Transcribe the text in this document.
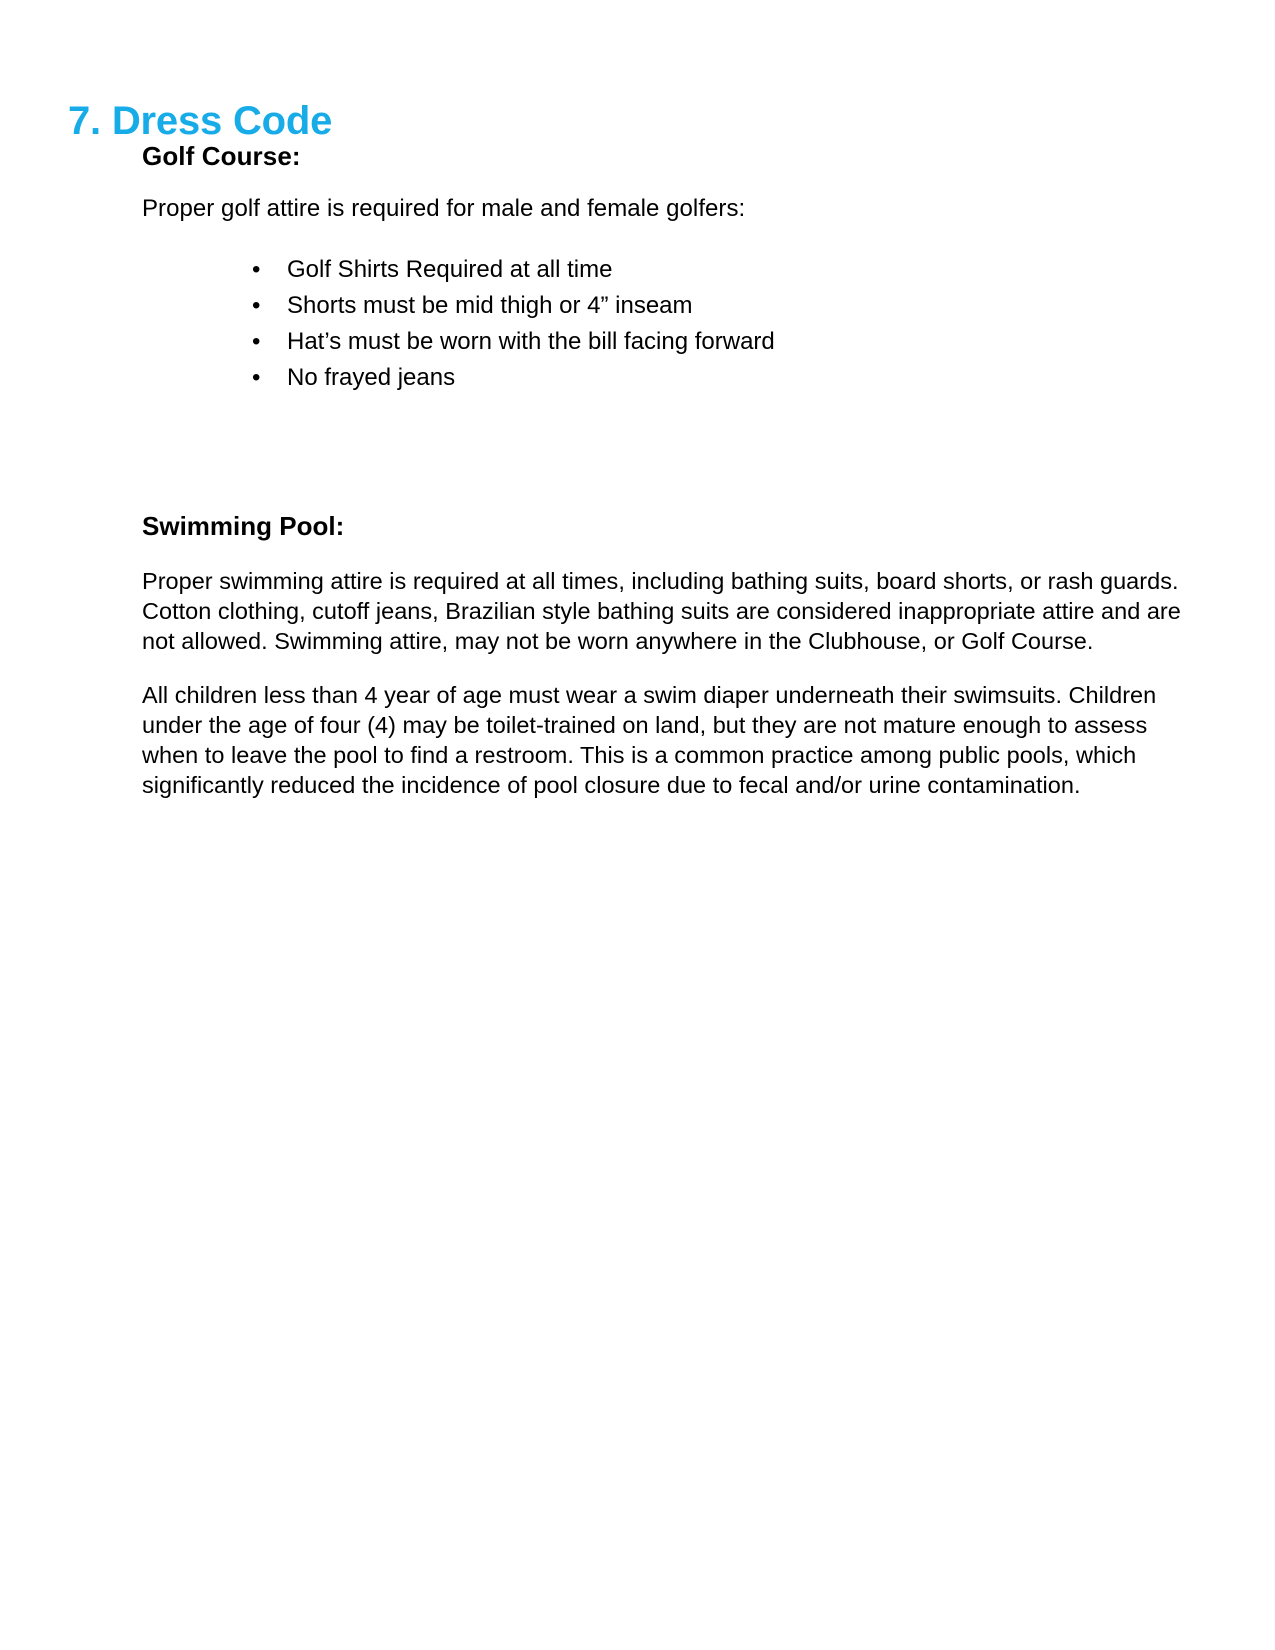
7. Dress Code
Golf Course:

Proper golf attire is required for male and female golfers:

• Golf Shirts Required at all time
• Shorts must be mid thigh or 4” inseam
• Hat’s must be worn with the bill facing forward
• No frayed jeans
Swimming Pool:

Proper swimming attire is required at all times, including bathing suits, board shorts, or rash guards. Cotton clothing, cutoff jeans, Brazilian style bathing suits are considered inappropriate attire and are not allowed. Swimming attire, may not be worn anywhere in the Clubhouse, or Golf Course.

All children less than 4 year of age must wear a swim diaper underneath their swimsuits. Children under the age of four (4) may be toilet-trained on land, but they are not mature enough to assess when to leave the pool to find a restroom. This is a common practice among public pools, which significantly reduced the incidence of pool closure due to fecal and/or urine contamination.
